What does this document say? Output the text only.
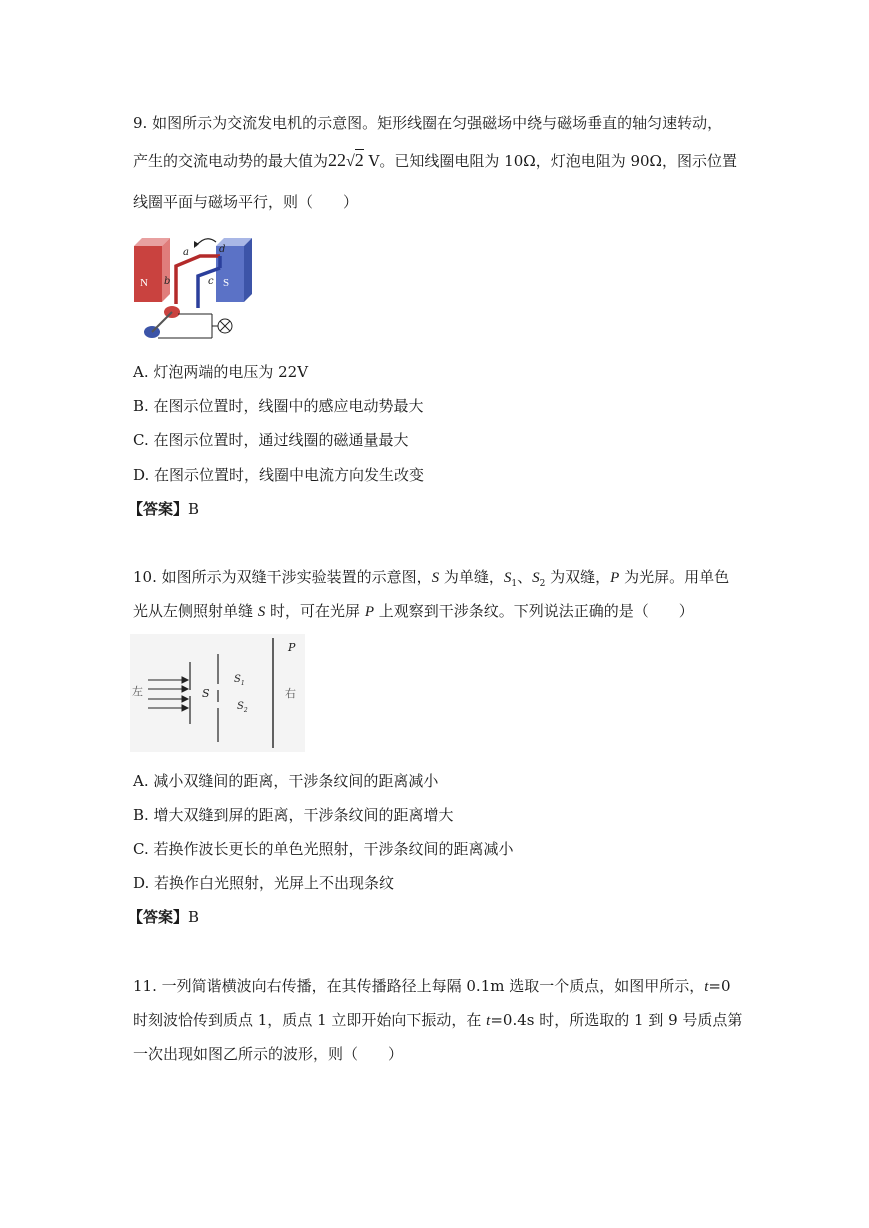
9. 如图所示为交流发电机的示意图。矩形线圈在匀强磁场中绕与磁场垂直的轴匀速转动，
产生的交流电动势的最大值为22√2 V。已知线圈电阻为 10Ω，灯泡电阻为 90Ω，图示位置
线圈平面与磁场平行，则（　　）
N	S
a
b	c
d
A. 灯泡两端的电压为 22V
B. 在图示位置时，线圈中的感应电动势最大
C. 在图示位置时，通过线圈的磁通量最大
D. 在图示位置时，线圈中电流方向发生改变
【答案】B
10. 如图所示为双缝干涉实验装置的示意图，S 为单缝，$S_1$、$S_2$ 为双缝，P 为光屏。用单色
光从左侧照射单缝 S 时，可在光屏 P 上观察到干涉条纹。下列说法正确的是（　　）
左	S
$S_1$
$S_2$
P
右
A. 减小双缝间的距离，干涉条纹间的距离减小
B. 增大双缝到屏的距离，干涉条纹间的距离增大
C. 若换作波长更长的单色光照射，干涉条纹间的距离减小
D. 若换作白光照射，光屏上不出现条纹
【答案】B
11. 一列简谐横波向右传播，在其传播路径上每隔 0.1m 选取一个质点，如图甲所示，t=0
时刻波恰传到质点 1，质点 1 立即开始向下振动，在 t=0.4s 时，所选取的 1 到 9 号质点第
一次出现如图乙所示的波形，则（　　）
